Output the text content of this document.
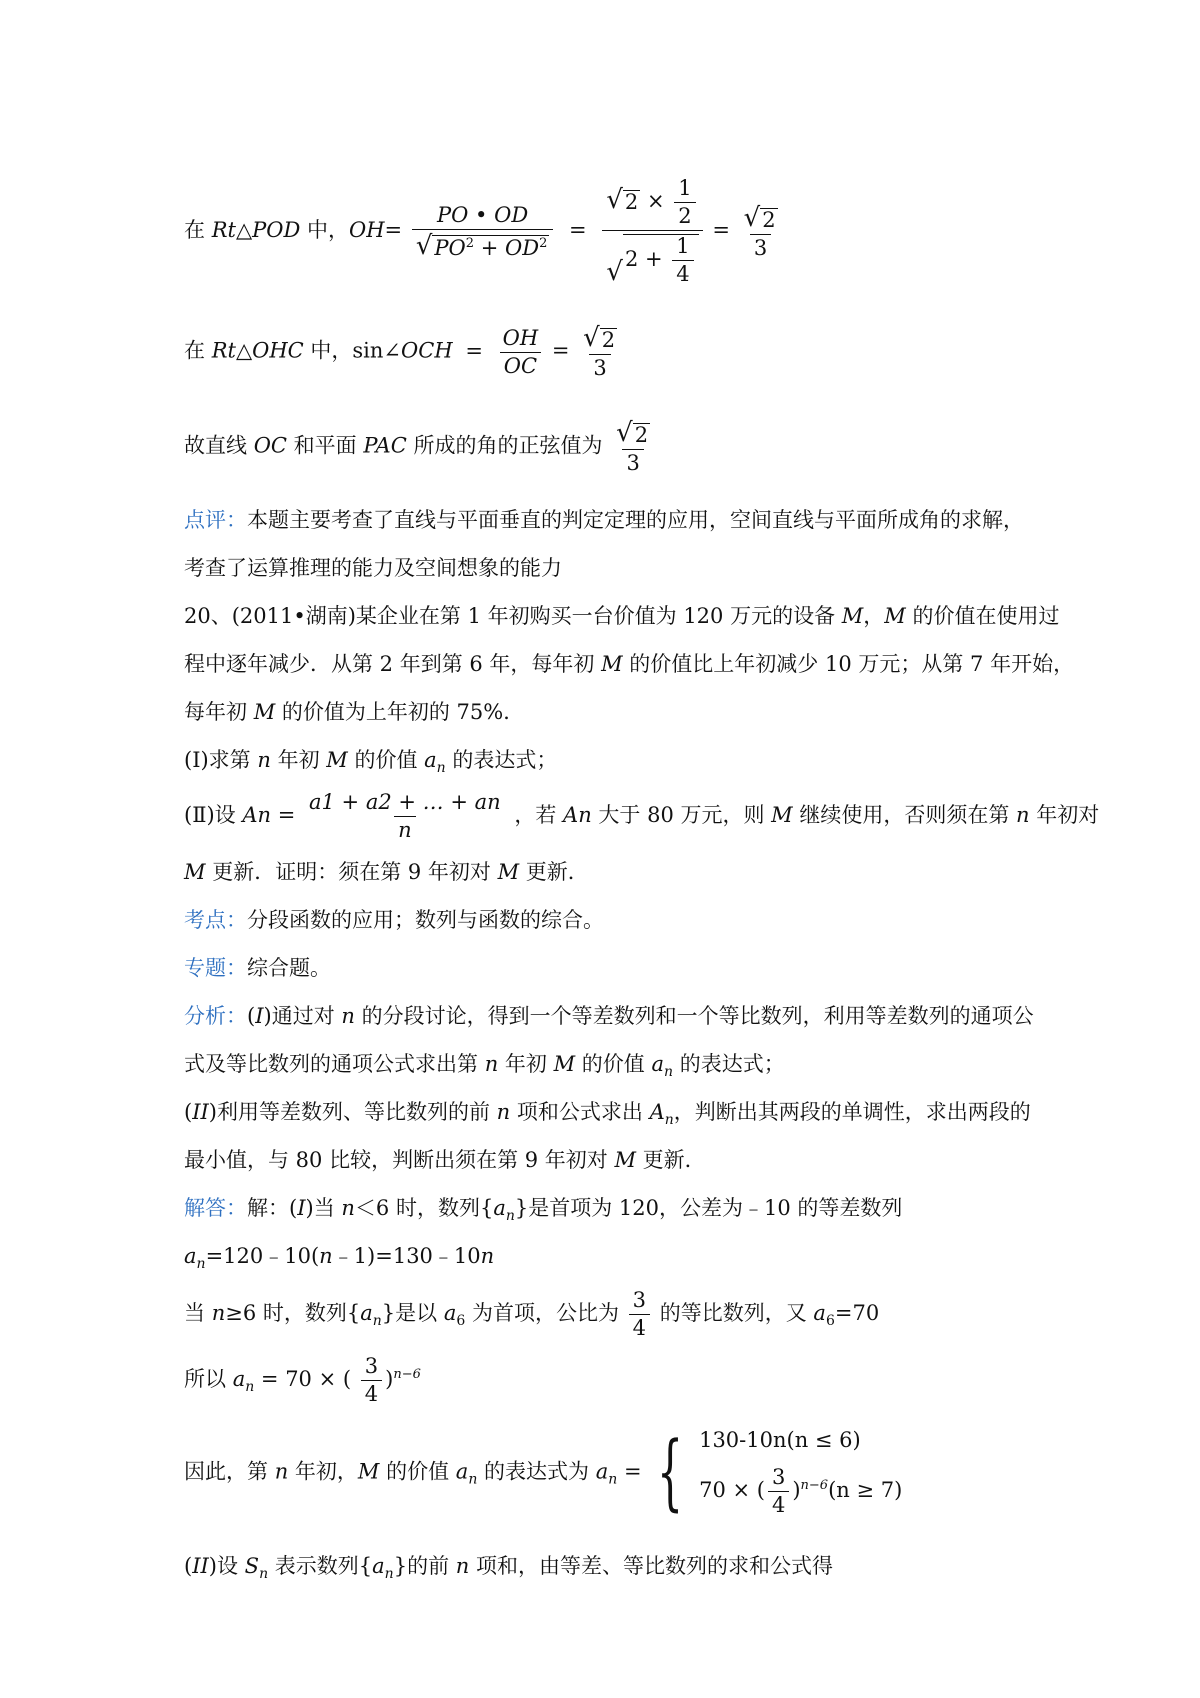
在 Rt△POD 中，$OH= \frac{PO • OD}{√ PO^2 + OD^2} = \frac{√ 2 \times \frac{1}{2}}{√ 2 + \frac{1}{4}} = \frac{√ 2}{3}$
在 Rt△OHC 中，sin∠OCH = $\frac{OH}{OC} = \frac{√ 2}{3}$
故直线 OC 和平面 PAC 所成的角的正弦值为 $\frac{√ 2}{3}$
点评：本题主要考查了直线与平面垂直的判定定理的应用，空间直线与平面所成角的求解，
考查了运算推理的能力及空间想象的能力
20、(2011•湖南)某企业在第 1 年初购买一台价值为 120 万元的设备 M，M 的价值在使用过
程中逐年减少．从第 2 年到第 6 年，每年初 M 的价值比上年初减少 10 万元；从第 7 年开始，
每年初 M 的价值为上年初的 75%．
(Ⅰ)求第 n 年初 M 的价值 $a_n$ 的表达式；
(Ⅱ)设 $An = \frac{a1 + a2 + \dots + an}{n}$ ，若 An 大于 80 万元，则 M 继续使用，否则须在第 n 年初对
M 更新．证明：须在第 9 年初对 M 更新．
考点：分段函数的应用；数列与函数的综合。
专题：综合题。
分析：(I)通过对 n 的分段讨论，得到一个等差数列和一个等比数列，利用等差数列的通项公
式及等比数列的通项公式求出第 n 年初 M 的价值 $a_n$ 的表达式；
(II)利用等差数列、等比数列的前 n 项和公式求出 $A_n$，判断出其两段的单调性，求出两段的
最小值，与 80 比较，判断出须在第 9 年初对 M 更新．
解答：解：(I)当 n＜6 时，数列$\{a_n\}$是首项为 120，公差为﹣10 的等差数列
$a_n=120﹣10(n﹣1)=130﹣10n$
当 n≥6 时，数列$\{a_n\}$是以 $a_6$ 为首项，公比为 $\frac{3}{4}$ 的等比数列，又 $a_6=70$
所以 $a_n = 70$ × ( $\frac{3}{4} )^{n-6}$
因此，第 n 年初，M 的价值 $a_n$ 的表达式为 $a_n$ = { 130-10n(n ≤ 6)
70 × ( $\frac{3}{4} )^{n-6}(n \ge 7)$
(II)设 $S_n$ 表示数列$\{a_n\}$的前 n 项和，由等差、等比数列的求和公式得
